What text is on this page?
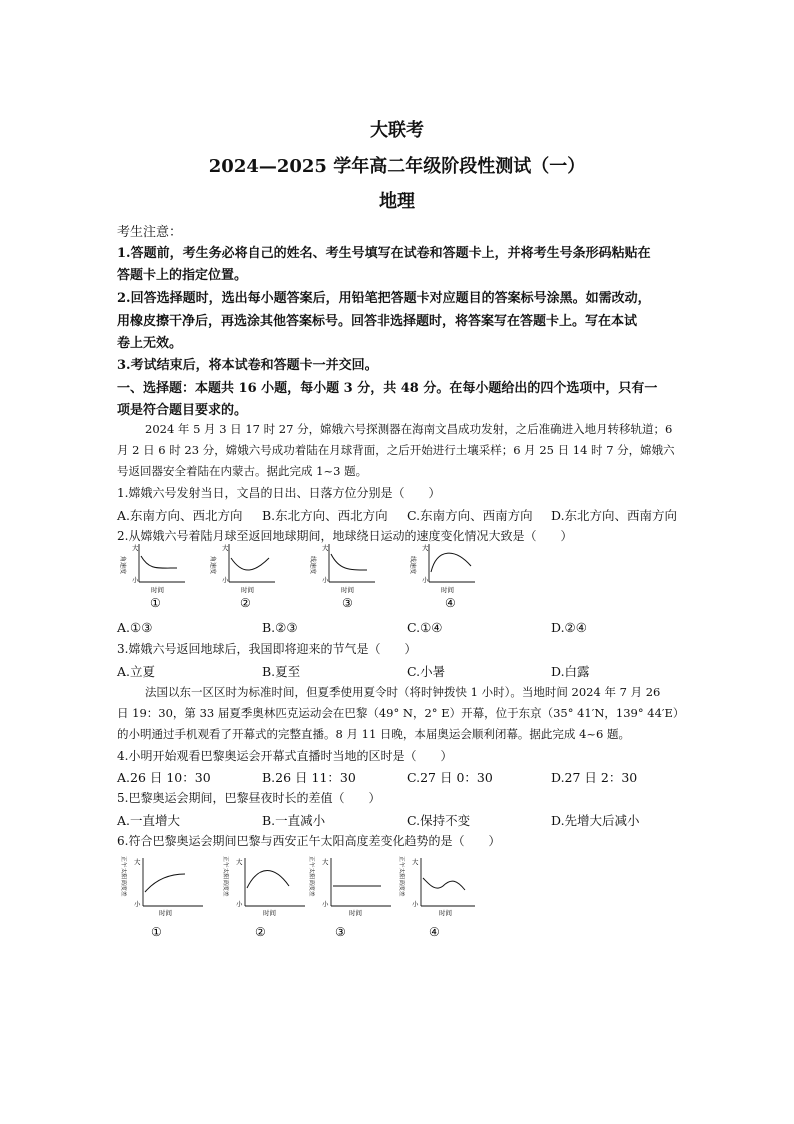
大联考
2024—2025 学年高二年级阶段性测试（一）
地理
考生注意：
1.答题前，考生务必将自己的姓名、考生号填写在试卷和答题卡上，并将考生号条形码粘贴在
答题卡上的指定位置。
2.回答选择题时，选出每小题答案后，用铅笔把答题卡对应题目的答案标号涂黑。如需改动，
用橡皮擦干净后，再选涂其他答案标号。回答非选择题时，将答案写在答题卡上。写在本试
卷上无效。
3.考试结束后，将本试卷和答题卡一并交回。
一、选择题：本题共 16 小题，每小题 3 分，共 48 分。在每小题给出的四个选项中，只有一
项是符合题目要求的。
2024 年 5 月 3 日 17 时 27 分，嫦娥六号探测器在海南文昌成功发射，之后准确进入地月转移轨道；6
月 2 日 6 时 23 分，嫦娥六号成功着陆在月球背面，之后开始进行土壤采样；6 月 25 日 14 时 7 分，嫦娥六
号返回器安全着陆在内蒙古。据此完成 1~3 题。
1.嫦娥六号发射当日，文昌的日出、日落方位分别是（　　）
A.东南方向、西北方向 B.东北方向、西北方向 C.东南方向、西南方向 D.东北方向、西南方向
2.从嫦娥六号着陆月球至返回地球期间，地球绕日运动的速度变化情况大致是（　　）
大
小
角速度
时间
①
大
小
角速度
时间
②
大
小
线速度
时间
③
大
小
线速度
时间
④
A.①③	B.②③	C.①④	D.②④
3.嫦娥六号返回地球后，我国即将迎来的节气是（　　）
A.立夏	B.夏至	C.小暑	D.白露
法国以东一区区时为标准时间，但夏季使用夏令时（将时钟拨快 1 小时）。当地时间 2024 年 7 月 26
日 19：30，第 33 届夏季奥林匹克运动会在巴黎（49° N，2° E）开幕，位于东京（35° 41′N，139° 44′E）
的小明通过手机观看了开幕式的完整直播。8 月 11 日晚，本届奥运会顺利闭幕。据此完成 4~6 题。
4.小明开始观看巴黎奥运会开幕式直播时当地的区时是（　　）
A.26 日 10：30	B.26 日 11：30	C.27 日 0：30	D.27 日 2：30
5.巴黎奥运会期间，巴黎昼夜时长的差值（　　）
A.一直增大	B.一直减小	C.保持不变	D.先增大后减小
6.符合巴黎奥运会期间巴黎与西安正午太阳高度差变化趋势的是（　　）
大
小
正午太阳高度差
时间
①
大
小
正午太阳高度差
时间
②
大
小
正午太阳高度差
时间
③
大
小
正午太阳高度差
时间
④
